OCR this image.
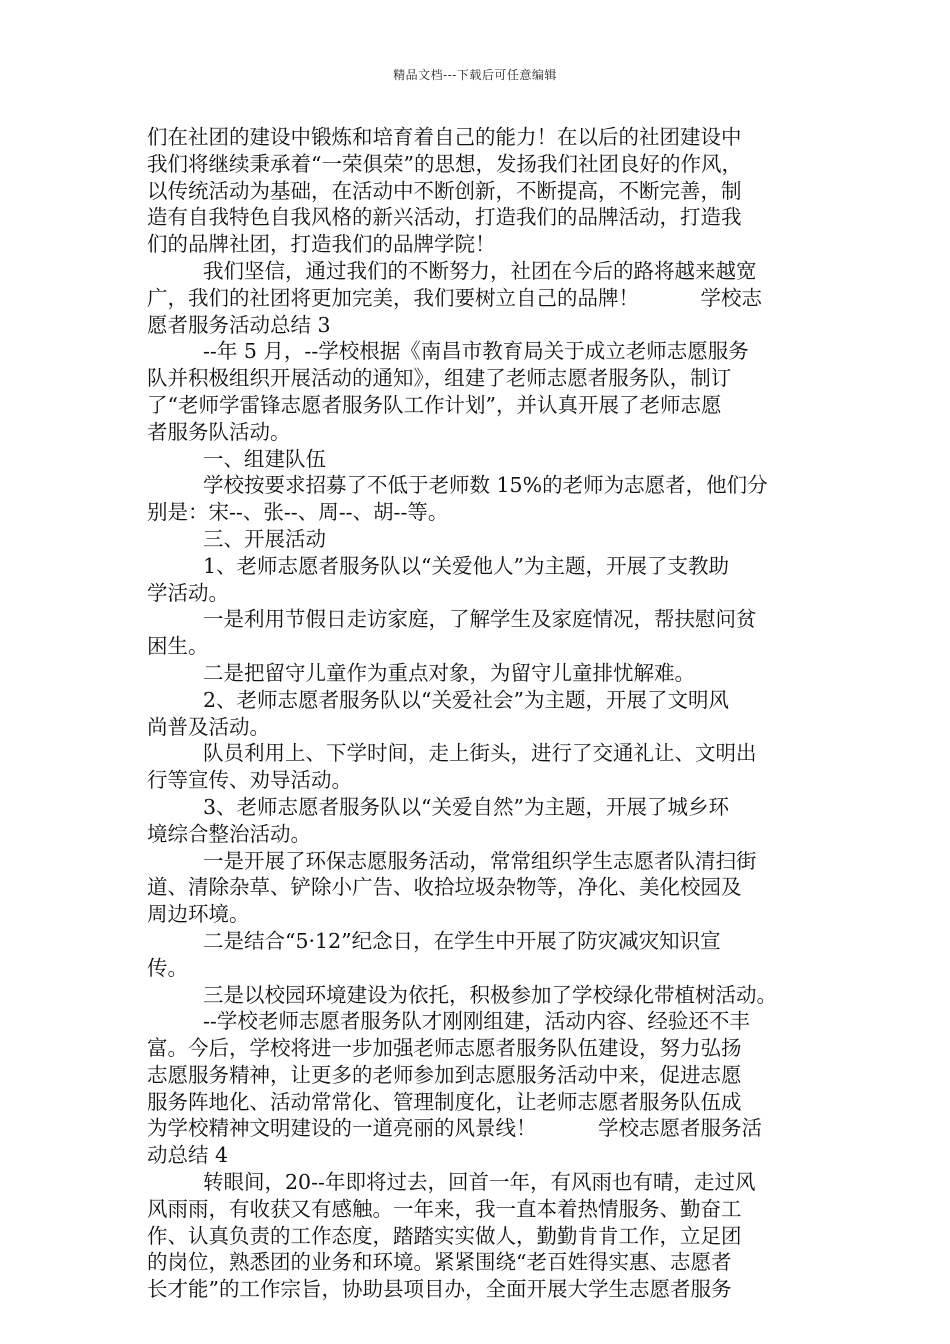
精品文档---下载后可任意编辑
们在社团的建设中锻炼和培育着自己的能力！在以后的社团建设中
我们将继续秉承着“一荣俱荣”的思想，发扬我们社团良好的作风，
以传统活动为基础，在活动中不断创新，不断提高，不断完善，制
造有自我特色自我风格的新兴活动，打造我们的品牌活动，打造我
们的品牌社团，打造我们的品牌学院！
我们坚信，通过我们的不断努力，社团在今后的路将越来越宽
广，我们的社团将更加完美，我们要树立自己的品牌！　　　学校志
愿者服务活动总结 3
--年 5 月，--学校根据《南昌市教育局关于成立老师志愿服务
队并积极组织开展活动的通知》，组建了老师志愿者服务队，制订
了“老师学雷锋志愿者服务队工作计划”，并认真开展了老师志愿
者服务队活动。
一、组建队伍
学校按要求招募了不低于老师数 15%的老师为志愿者，他们分
别是：宋--、张--、周--、胡--等。
三、开展活动
1、老师志愿者服务队以“关爱他人”为主题，开展了支教助
学活动。
一是利用节假日走访家庭，了解学生及家庭情况，帮扶慰问贫
困生。
二是把留守儿童作为重点对象，为留守儿童排忧解难。
2、老师志愿者服务队以“关爱社会”为主题，开展了文明风
尚普及活动。
队员利用上、下学时间，走上街头，进行了交通礼让、文明出
行等宣传、劝导活动。
3、老师志愿者服务队以“关爱自然”为主题，开展了城乡环
境综合整治活动。
一是开展了环保志愿服务活动，常常组织学生志愿者队清扫街
道、清除杂草、铲除小广告、收拾垃圾杂物等，净化、美化校园及
周边环境。
二是结合“5·12”纪念日，在学生中开展了防灾减灾知识宣
传。
三是以校园环境建设为依托，积极参加了学校绿化带植树活动。
--学校老师志愿者服务队才刚刚组建，活动内容、经验还不丰
富。今后，学校将进一步加强老师志愿者服务队伍建设，努力弘扬
志愿服务精神，让更多的老师参加到志愿服务活动中来，促进志愿
服务阵地化、活动常常化、管理制度化，让老师志愿者服务队伍成
为学校精神文明建设的一道亮丽的风景线！　　　学校志愿者服务活
动总结 4
转眼间，20--年即将过去，回首一年，有风雨也有晴，走过风
风雨雨，有收获又有感触。一年来，我一直本着热情服务、勤奋工
作、认真负责的工作态度，踏踏实实做人，勤勤肯肯工作，立足团
的岗位，熟悉团的业务和环境。紧紧围绕“老百姓得实惠、志愿者
长才能”的工作宗旨，协助县项目办，全面开展大学生志愿者服务
